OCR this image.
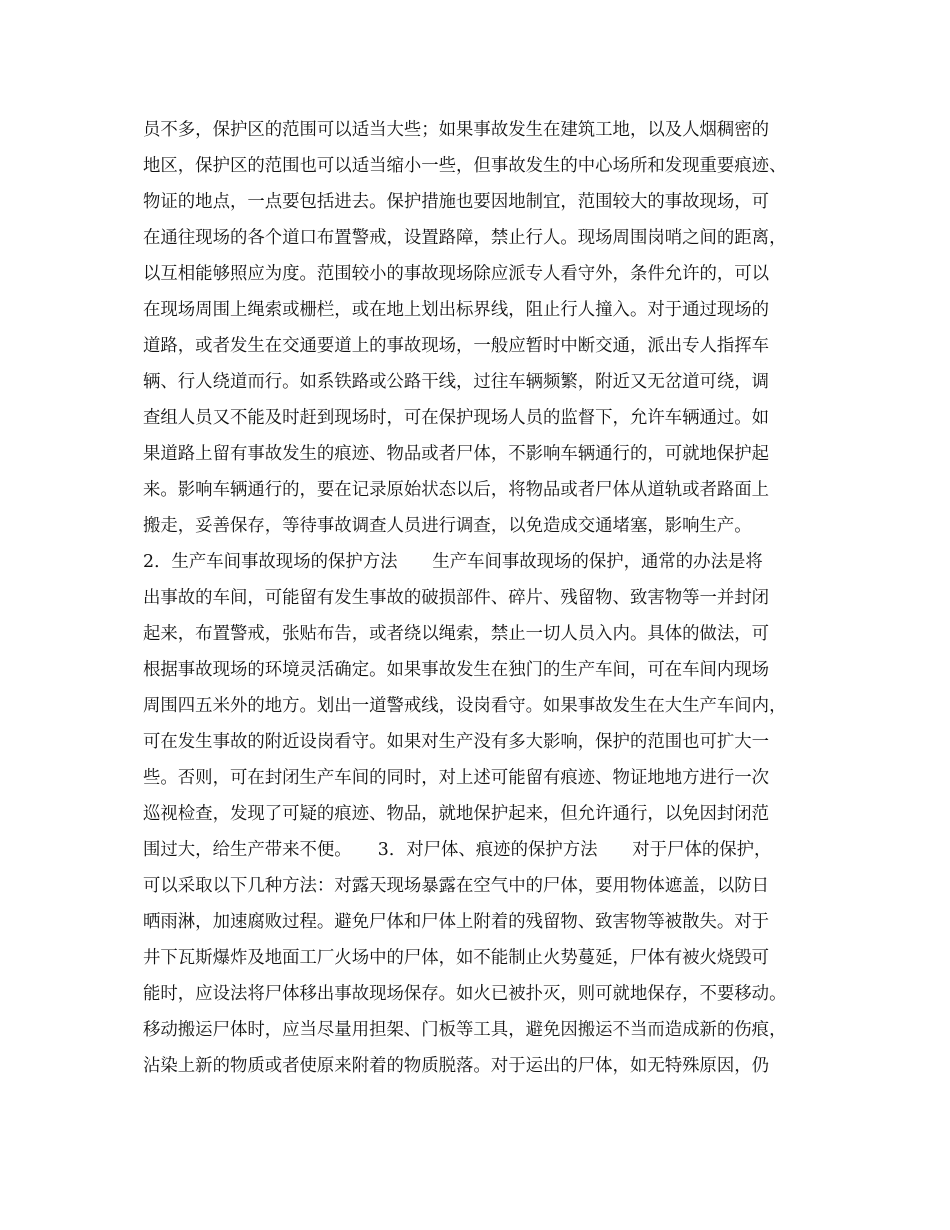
员不多，保护区的范围可以适当大些；如果事故发生在建筑工地，以及人烟稠密的
地区，保护区的范围也可以适当缩小一些，但事故发生的中心场所和发现重要痕迹、
物证的地点，一点要包括进去。保护措施也要因地制宜，范围较大的事故现场，可
在通往现场的各个道口布置警戒，设置路障，禁止行人。现场周围岗哨之间的距离，
以互相能够照应为度。范围较小的事故现场除应派专人看守外，条件允许的，可以
在现场周围上绳索或栅栏，或在地上划出标界线，阻止行人撞入。对于通过现场的
道路，或者发生在交通要道上的事故现场，一般应暂时中断交通，派出专人指挥车
辆、行人绕道而行。如系铁路或公路干线，过往车辆频繁，附近又无岔道可绕，调
查组人员又不能及时赶到现场时，可在保护现场人员的监督下，允许车辆通过。如
果道路上留有事故发生的痕迹、物品或者尸体，不影响车辆通行的，可就地保护起
来。影响车辆通行的，要在记录原始状态以后，将物品或者尸体从道轨或者路面上
搬走，妥善保存，等待事故调查人员进行调查，以免造成交通堵塞，影响生产。
2．生产车间事故现场的保护方法　　生产车间事故现场的保护，通常的办法是将
出事故的车间，可能留有发生事故的破损部件、碎片、残留物、致害物等一并封闭
起来，布置警戒，张贴布告，或者绕以绳索，禁止一切人员入内。具体的做法，可
根据事故现场的环境灵活确定。如果事故发生在独门的生产车间，可在车间内现场
周围四五米外的地方。划出一道警戒线，设岗看守。如果事故发生在大生产车间内，
可在发生事故的附近设岗看守。如果对生产没有多大影响，保护的范围也可扩大一
些。否则，可在封闭生产车间的同时，对上述可能留有痕迹、物证地地方进行一次
巡视检查，发现了可疑的痕迹、物品，就地保护起来，但允许通行，以免因封闭范
围过大，给生产带来不便。　　3．对尸体、痕迹的保护方法　　对于尸体的保护，
可以采取以下几种方法：对露天现场暴露在空气中的尸体，要用物体遮盖，以防日
晒雨淋，加速腐败过程。避免尸体和尸体上附着的残留物、致害物等被散失。对于
井下瓦斯爆炸及地面工厂火场中的尸体，如不能制止火势蔓延，尸体有被火烧毁可
能时，应设法将尸体移出事故现场保存。如火已被扑灭，则可就地保存，不要移动。
移动搬运尸体时，应当尽量用担架、门板等工具，避免因搬运不当而造成新的伤痕，
沾染上新的物质或者使原来附着的物质脱落。对于运出的尸体，如无特殊原因，仍
